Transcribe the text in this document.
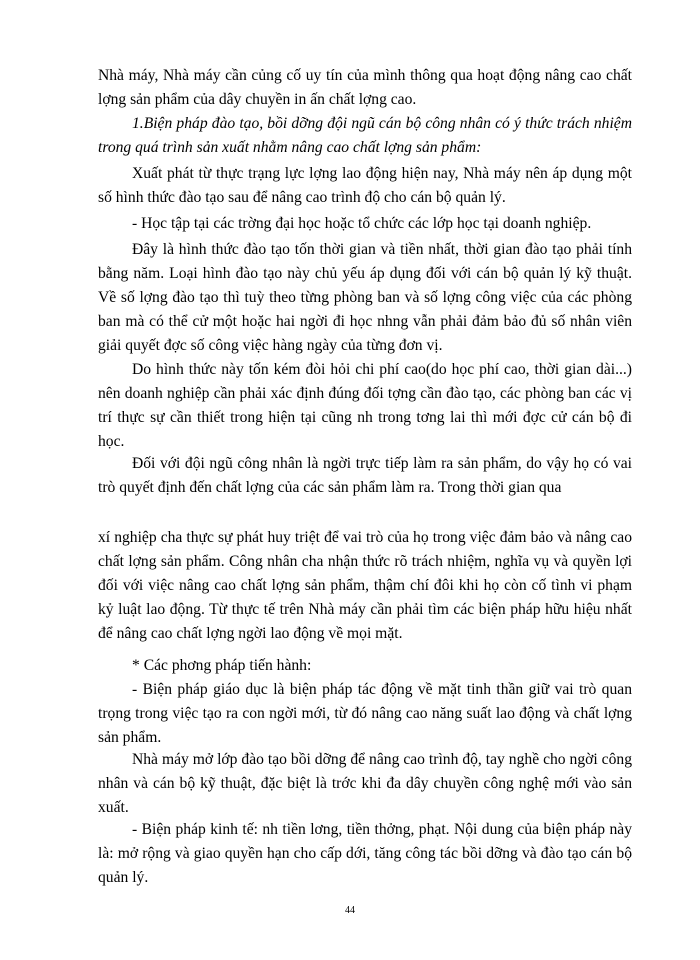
Nhà máy, Nhà máy cần củng cố uy tín của mình thông qua hoạt động nâng cao chất lợng sản phẩm của dây chuyền in ấn chất lợng cao.

1.Biện pháp đào tạo, bồi dỡng đội ngũ cán bộ công nhân có ý thức trách nhiệm trong quá trình sản xuất nhằm nâng cao chất lợng sản phẩm:

Xuất phát từ thực trạng lực lợng lao động hiện nay, Nhà máy nên áp dụng một số hình thức đào tạo sau để nâng cao trình độ cho cán bộ quản lý.

- Học tập tại các trờng đại học hoặc tổ chức các lớp học tại doanh nghiệp.

Đây là hình thức đào tạo tốn thời gian và tiền nhất, thời gian đào tạo phải tính bằng năm. Loại hình đào tạo này chủ yếu áp dụng đối với cán bộ quản lý kỹ thuật. Về số lợng đào tạo thì tuỳ theo từng phòng ban và số lợng công việc của các phòng ban mà có thể cử một hoặc hai ngời đi học nhng vẫn phải đảm bảo đủ số nhân viên giải quyết đợc số công việc hàng ngày của từng đơn vị.

Do hình thức này tốn kém đòi hỏi chi phí cao(do học phí cao, thời gian dài...) nên doanh nghiệp cần phải xác định đúng đối tợng cần đào tạo, các phòng ban các vị trí thực sự cần thiết trong hiện tại cũng nh trong tơng lai thì mới đợc cử cán bộ đi học.

Đối với đội ngũ công nhân là ngời trực tiếp làm ra sản phẩm, do vậy họ có vai trò quyết định đến chất lợng của các sản phẩm làm ra. Trong thời gian qua

xí nghiệp cha thực sự phát huy triệt để vai trò của họ trong việc đảm bảo và nâng cao chất lợng sản phẩm. Công nhân cha nhận thức rõ trách nhiệm, nghĩa vụ và quyền lợi đối với việc nâng cao chất lợng sản phẩm, thậm chí đôi khi họ còn cố tình vi phạm kỷ luật lao động. Từ thực tế trên Nhà máy cần phải tìm các biện pháp hữu hiệu nhất để nâng cao chất lợng ngời lao động về mọi mặt.

* Các phơng pháp tiến hành:

- Biện pháp giáo dục là biện pháp tác động về mặt tinh thần giữ vai trò quan trọng trong việc tạo ra con ngời mới, từ đó nâng cao năng suất lao động và chất lợng sản phẩm.

Nhà máy mở lớp đào tạo bồi dỡng để nâng cao trình độ, tay nghề cho ngời công nhân và cán bộ kỹ thuật, đặc biệt là trớc khi đa dây chuyền công nghệ mới vào sản xuất.

- Biện pháp kinh tế: nh tiền lơng, tiền thởng, phạt. Nội dung của biện pháp này là: mở rộng và giao quyền hạn cho cấp dới, tăng công tác bồi dỡng và đào tạo cán bộ quản lý.

44
